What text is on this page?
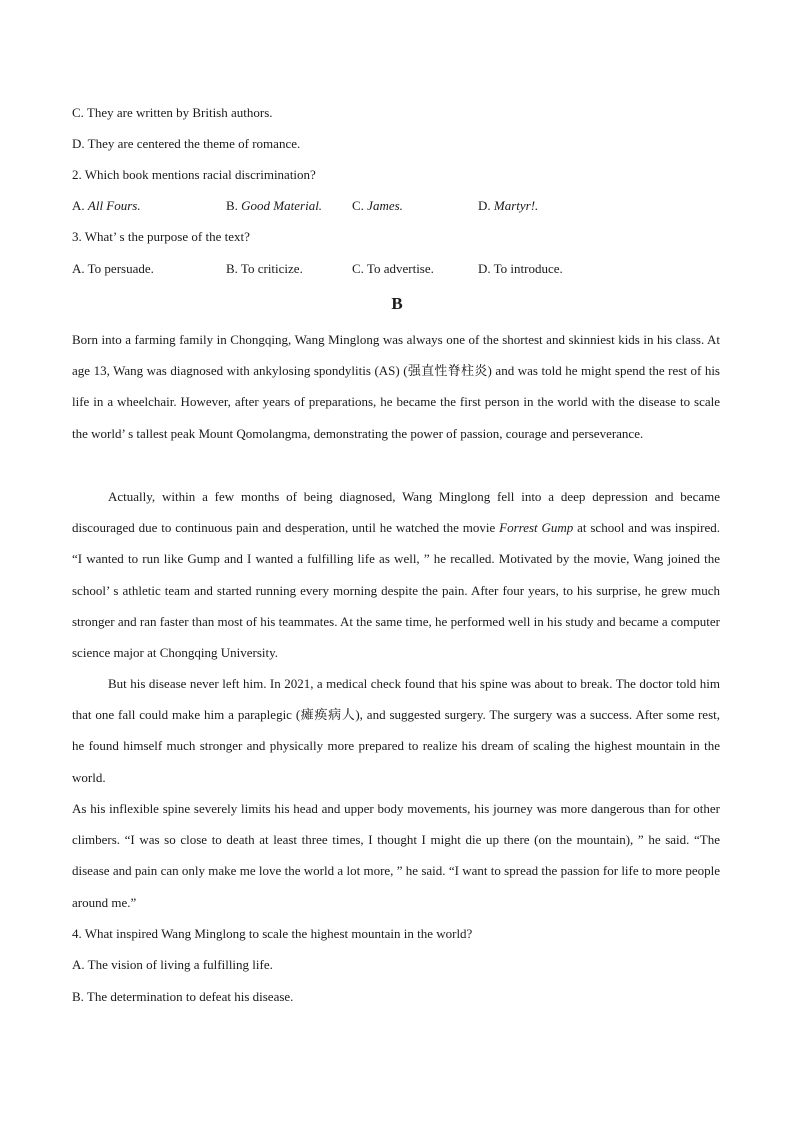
C. They are written by British authors.
D. They are centered the theme of romance.
2. Which book mentions racial discrimination?
A. All Fours.	B. Good Material. C. James.	D. Martyr!.
3. What’ s the purpose of the text?
A. To persuade.	B. To criticize.	C. To advertise.	D. To introduce.
B
Born into a farming family in Chongqing, Wang Minglong was always one of the shortest and skinniest kids in his class. At age 13, Wang was diagnosed with ankylosing spondylitis (AS) (强直性脊柱炎) and was told he might spend the rest of his life in a wheelchair. However, after years of preparations, he became the first person in the world with the disease to scale the world’ s tallest peak Mount Qomolangma, demonstrating the power of passion, courage and perseverance.
Actually, within a few months of being diagnosed, Wang Minglong fell into a deep depression and became discouraged due to continuous pain and desperation, until he watched the movie Forrest Gump at school and was inspired. “I wanted to run like Gump and I wanted a fulfilling life as well, ” he recalled. Motivated by the movie, Wang joined the school’ s athletic team and started running every morning despite the pain. After four years, to his surprise, he grew much stronger and ran faster than most of his teammates. At the same time, he performed well in his study and became a computer science major at Chongqing University.
But his disease never left him. In 2021, a medical check found that his spine was about to break. The doctor told him that one fall could make him a paraplegic (瘫痪病人), and suggested surgery. The surgery was a success. After some rest, he found himself much stronger and physically more prepared to realize his dream of scaling the highest mountain in the world.
As his inflexible spine severely limits his head and upper body movements, his journey was more dangerous than for other climbers. “I was so close to death at least three times, I thought I might die up there (on the mountain), ” he said. “The disease and pain can only make me love the world a lot more, ” he said. “I want to spread the passion for life to more people around me.”
4. What inspired Wang Minglong to scale the highest mountain in the world?
A. The vision of living a fulfilling life.
B. The determination to defeat his disease.
